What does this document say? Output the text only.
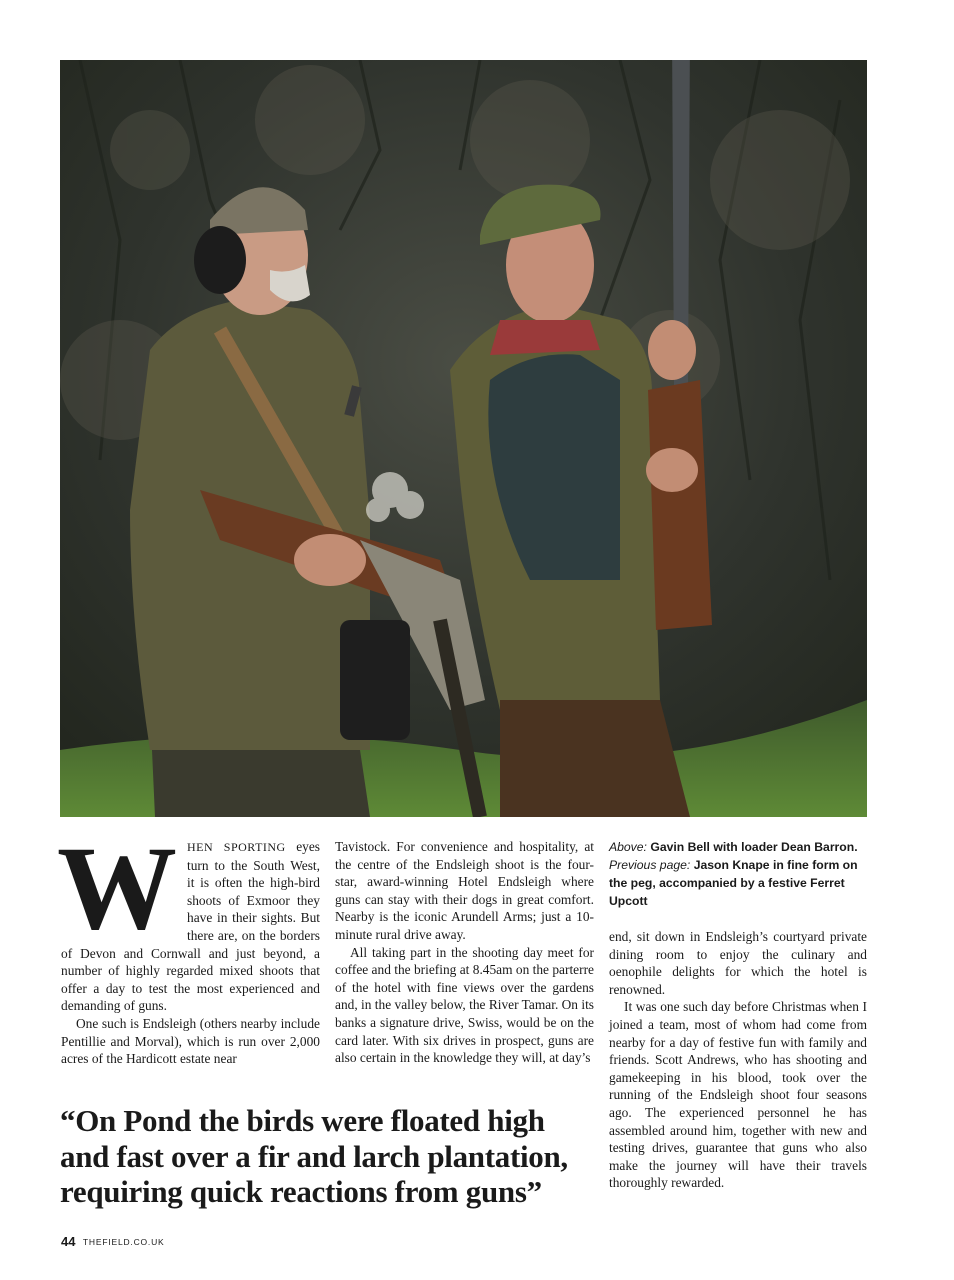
W HEN SPORTING eyes turn to the South West, it is often the high-bird shoots of Exmoor they have in their sights. But there are, on the borders of Devon and Cornwall and just beyond, a number of highly regarded mixed shoots that offer a day to test the most experienced and demanding of guns.

One such is Endsleigh (others nearby include Pentillie and Morval), which is run over 2,000 acres of the Hardicott estate near

Tavistock. For convenience and hospitality, at the centre of the Endsleigh shoot is the four-star, award-winning Hotel Endsleigh where guns can stay with their dogs in great comfort. Nearby is the iconic Arundell Arms; just a 10-minute rural drive away.

All taking part in the shooting day meet for coffee and the briefing at 8.45am on the parterre of the hotel with fine views over the gardens and, in the valley below, the River Tamar. On its banks a signature drive, Swiss, would be on the card later. With six drives in prospect, guns are also certain in the knowledge they will, at day’s

Above: Gavin Bell with loader Dean Barron. Previous page: Jason Knape in fine form on the peg, accompanied by a festive Ferret Upcott

end, sit down in Endsleigh’s courtyard private dining room to enjoy the culinary and oenophile delights for which the hotel is renowned.

It was one such day before Christmas when I joined a team, most of whom had come from nearby for a day of festive fun with family and friends. Scott Andrews, who has shooting and gamekeeping in his blood, took over the running of the Endsleigh shoot four seasons ago. The experienced personnel he has assembled around him, together with new and testing drives, guarantee that guns who also make the journey will have their travels thoroughly rewarded.

“On Pond the birds were floated high and fast over a fir and larch plantation, requiring quick reactions from guns”
44 THEFIELD.CO.UK
